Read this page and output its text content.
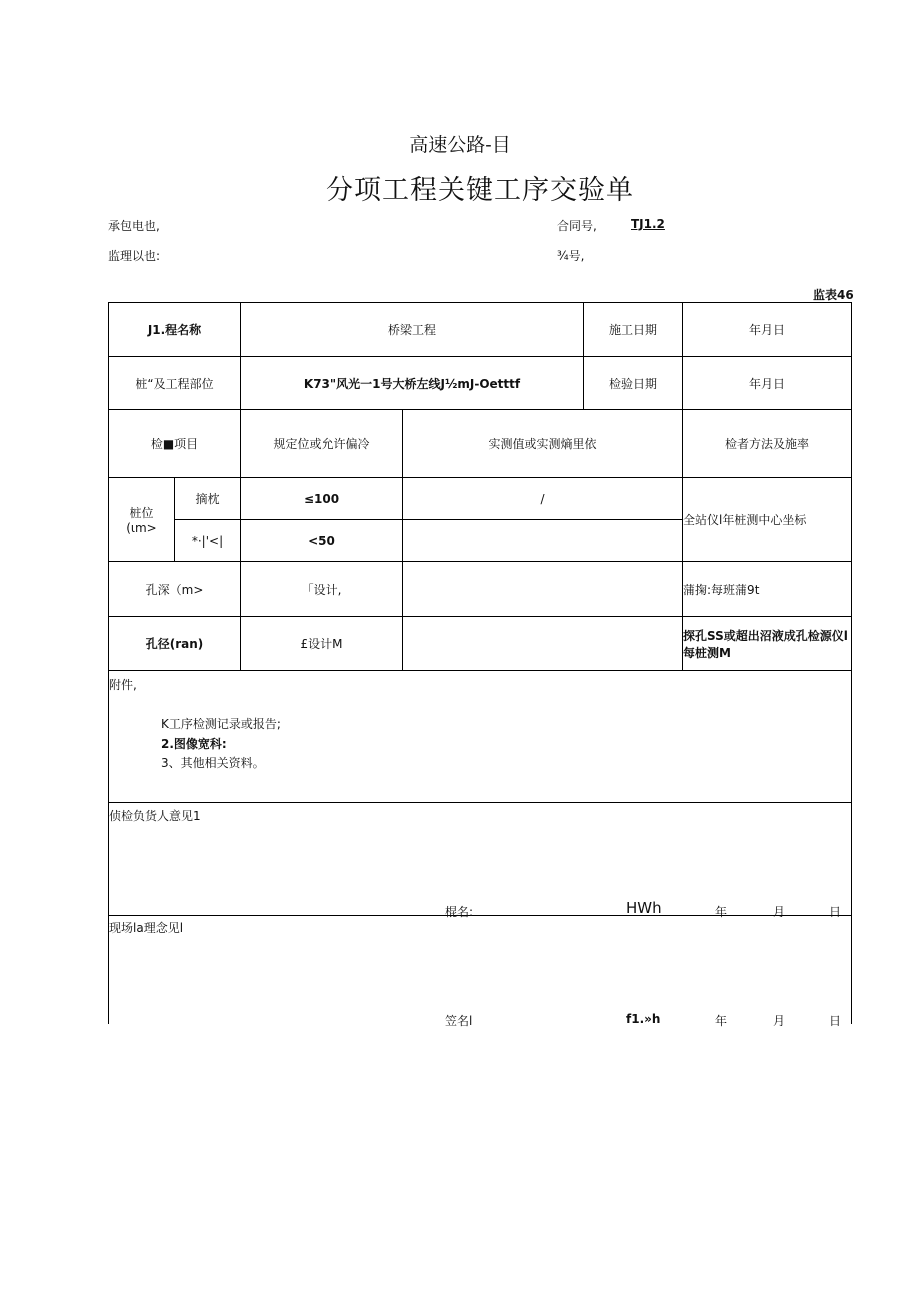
高速公路-目
分项工程关键工序交验单
承包电也,	合同号,	TJ1.2
监理以也:	¾号,
监表46
J1.程名称		桥梁工程		施工日期	年月日
桩“及工程部位		K73"风光一1号大桥左线J½mJ-Oetttf		检验日期	年月日
检■项目		规定位或允许偏冷	实测值或实测熵里依		检者方法及施率

桩位
(ιm>	摘枕	≤100	/		全站仪l年桩测中心坐标
	*·|'<|	<50			
孔深（m>		「设计,			蒲掬:每班蒲9t
孔径(ran)		£设计M			探孔SS或超出沼液成孔检源仪l
每桩测M
附件,
K工序检测记录或报告;
2.图像宽科:
3、其他相关资料。
侦检负货人意见1
棍名:	HWh	年	月	日
现场la理念见l
笠名l	f1.»h	年	月	日
